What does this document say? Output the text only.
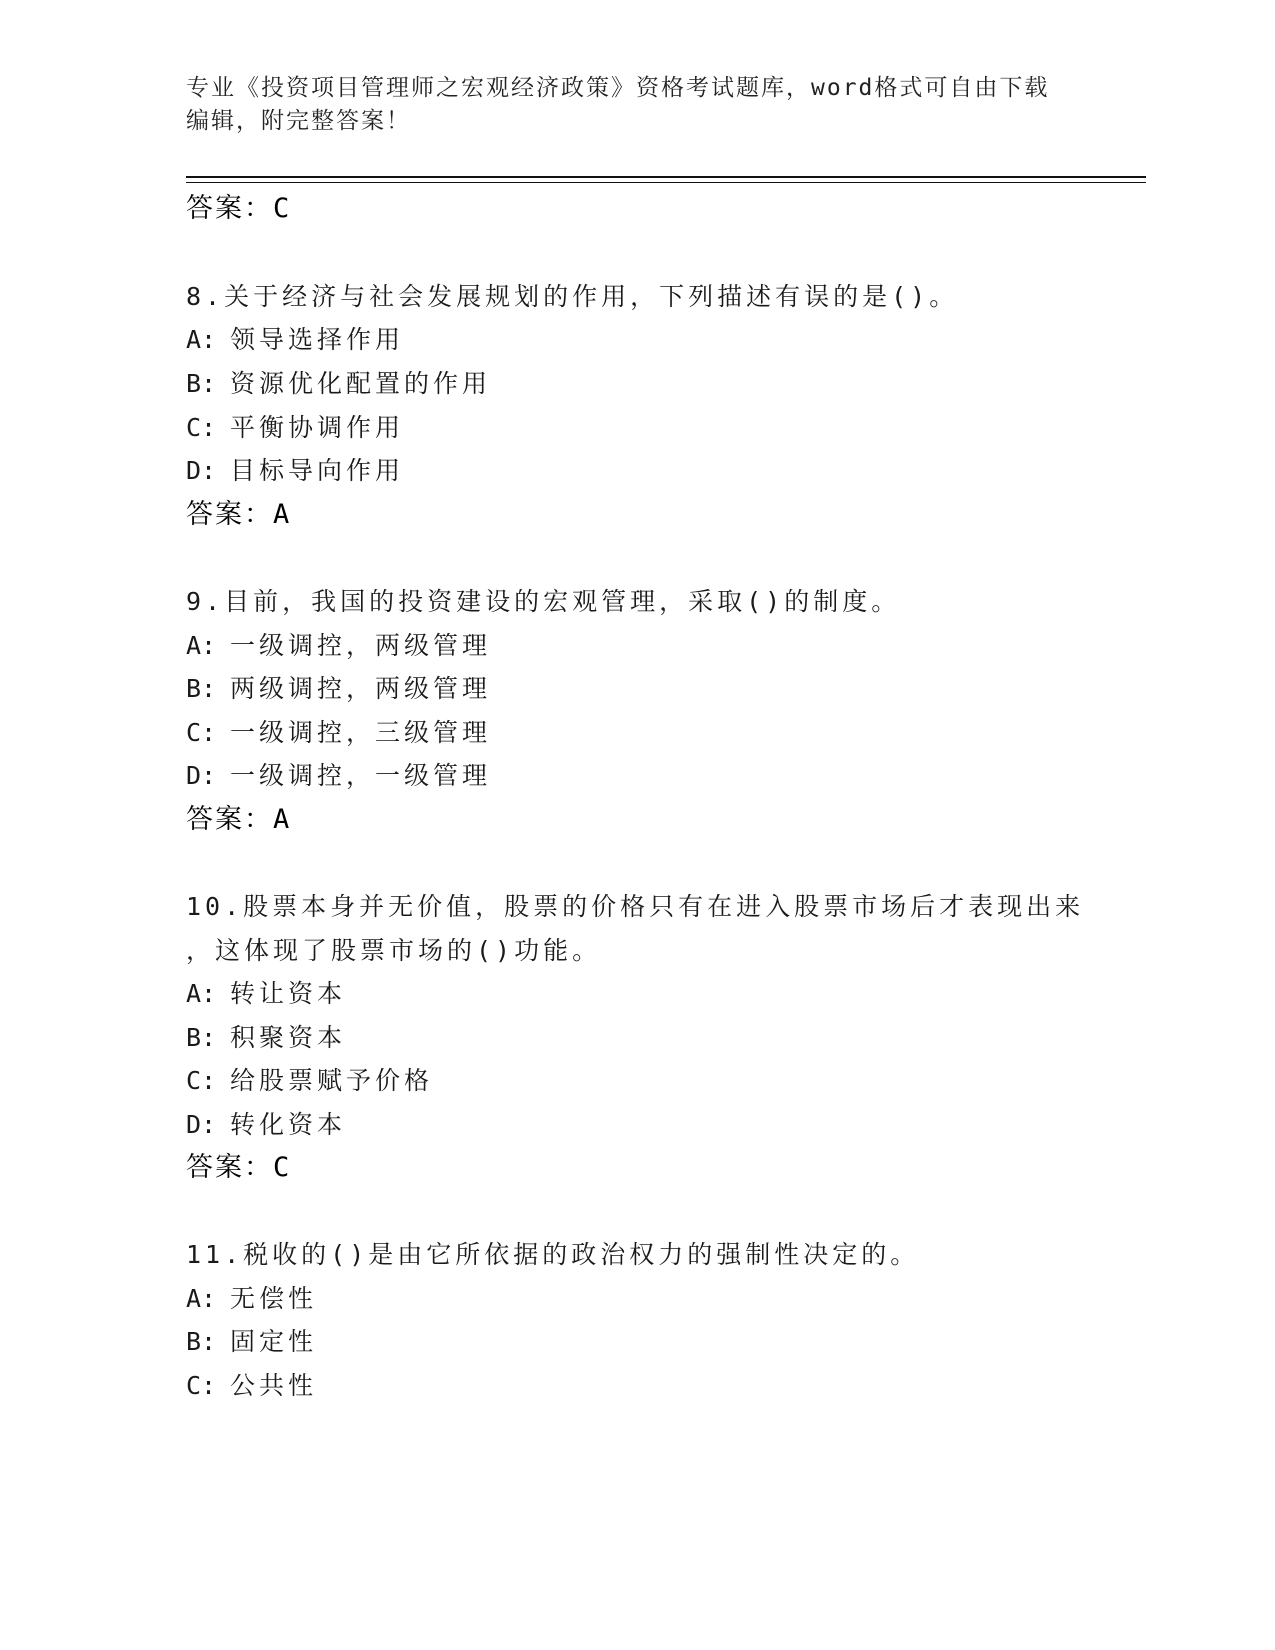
专业《投资项目管理师之宏观经济政策》资格考试题库，word格式可自由下载编辑，附完整答案！
答案：C
8.关于经济与社会发展规划的作用，下列描述有误的是()。
A: 领导选择作用
B: 资源优化配置的作用
C: 平衡协调作用
D: 目标导向作用
答案：A
9.目前，我国的投资建设的宏观管理，采取()的制度。
A: 一级调控，两级管理
B: 两级调控，两级管理
C: 一级调控，三级管理
D: 一级调控，一级管理
答案：A
10.股票本身并无价值，股票的价格只有在进入股票市场后才表现出来
，这体现了股票市场的()功能。
A: 转让资本
B: 积聚资本
C: 给股票赋予价格
D: 转化资本
答案：C
11.税收的()是由它所依据的政治权力的强制性决定的。
A: 无偿性
B: 固定性
C: 公共性
